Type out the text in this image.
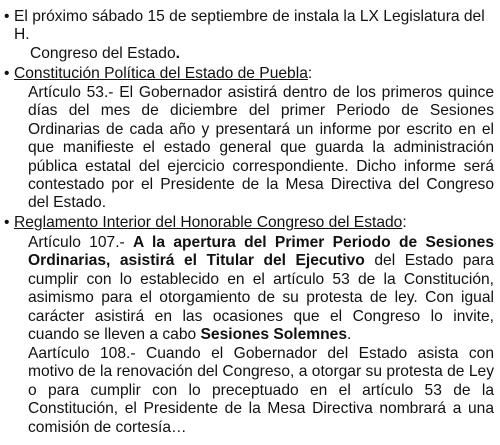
• El próximo sábado 15 de septiembre de instala la LX Legislatura del H.
Congreso del Estado.
• Constitución Política del Estado de Puebla:
Artículo 53.- El Gobernador asistirá dentro de los primeros quince días del mes de diciembre del primer Periodo de Sesiones Ordinarias de cada año y presentará un informe por escrito en el que manifieste el estado general que guarda la administración pública estatal del ejercicio correspondiente. Dicho informe será contestado por el Presidente de la Mesa Directiva del Congreso del Estado.
• Reglamento Interior del Honorable Congreso del Estado:
Artículo 107.- A la apertura del Primer Periodo de Sesiones Ordinarias, asistirá el Titular del Ejecutivo del Estado para cumplir con lo establecido en el artículo 53 de la Constitución, asimismo para el otorgamiento de su protesta de ley. Con igual carácter asistirá en las ocasiones que el Congreso lo invite, cuando se lleven a cabo Sesiones Solemnes.
Aartículo 108.- Cuando el Gobernador del Estado asista con motivo de la renovación del Congreso, a otorgar su protesta de Ley o para cumplir con lo preceptuado en el artículo 53 de la Constitución, el Presidente de la Mesa Directiva nombrará a una comisión de cortesía…
